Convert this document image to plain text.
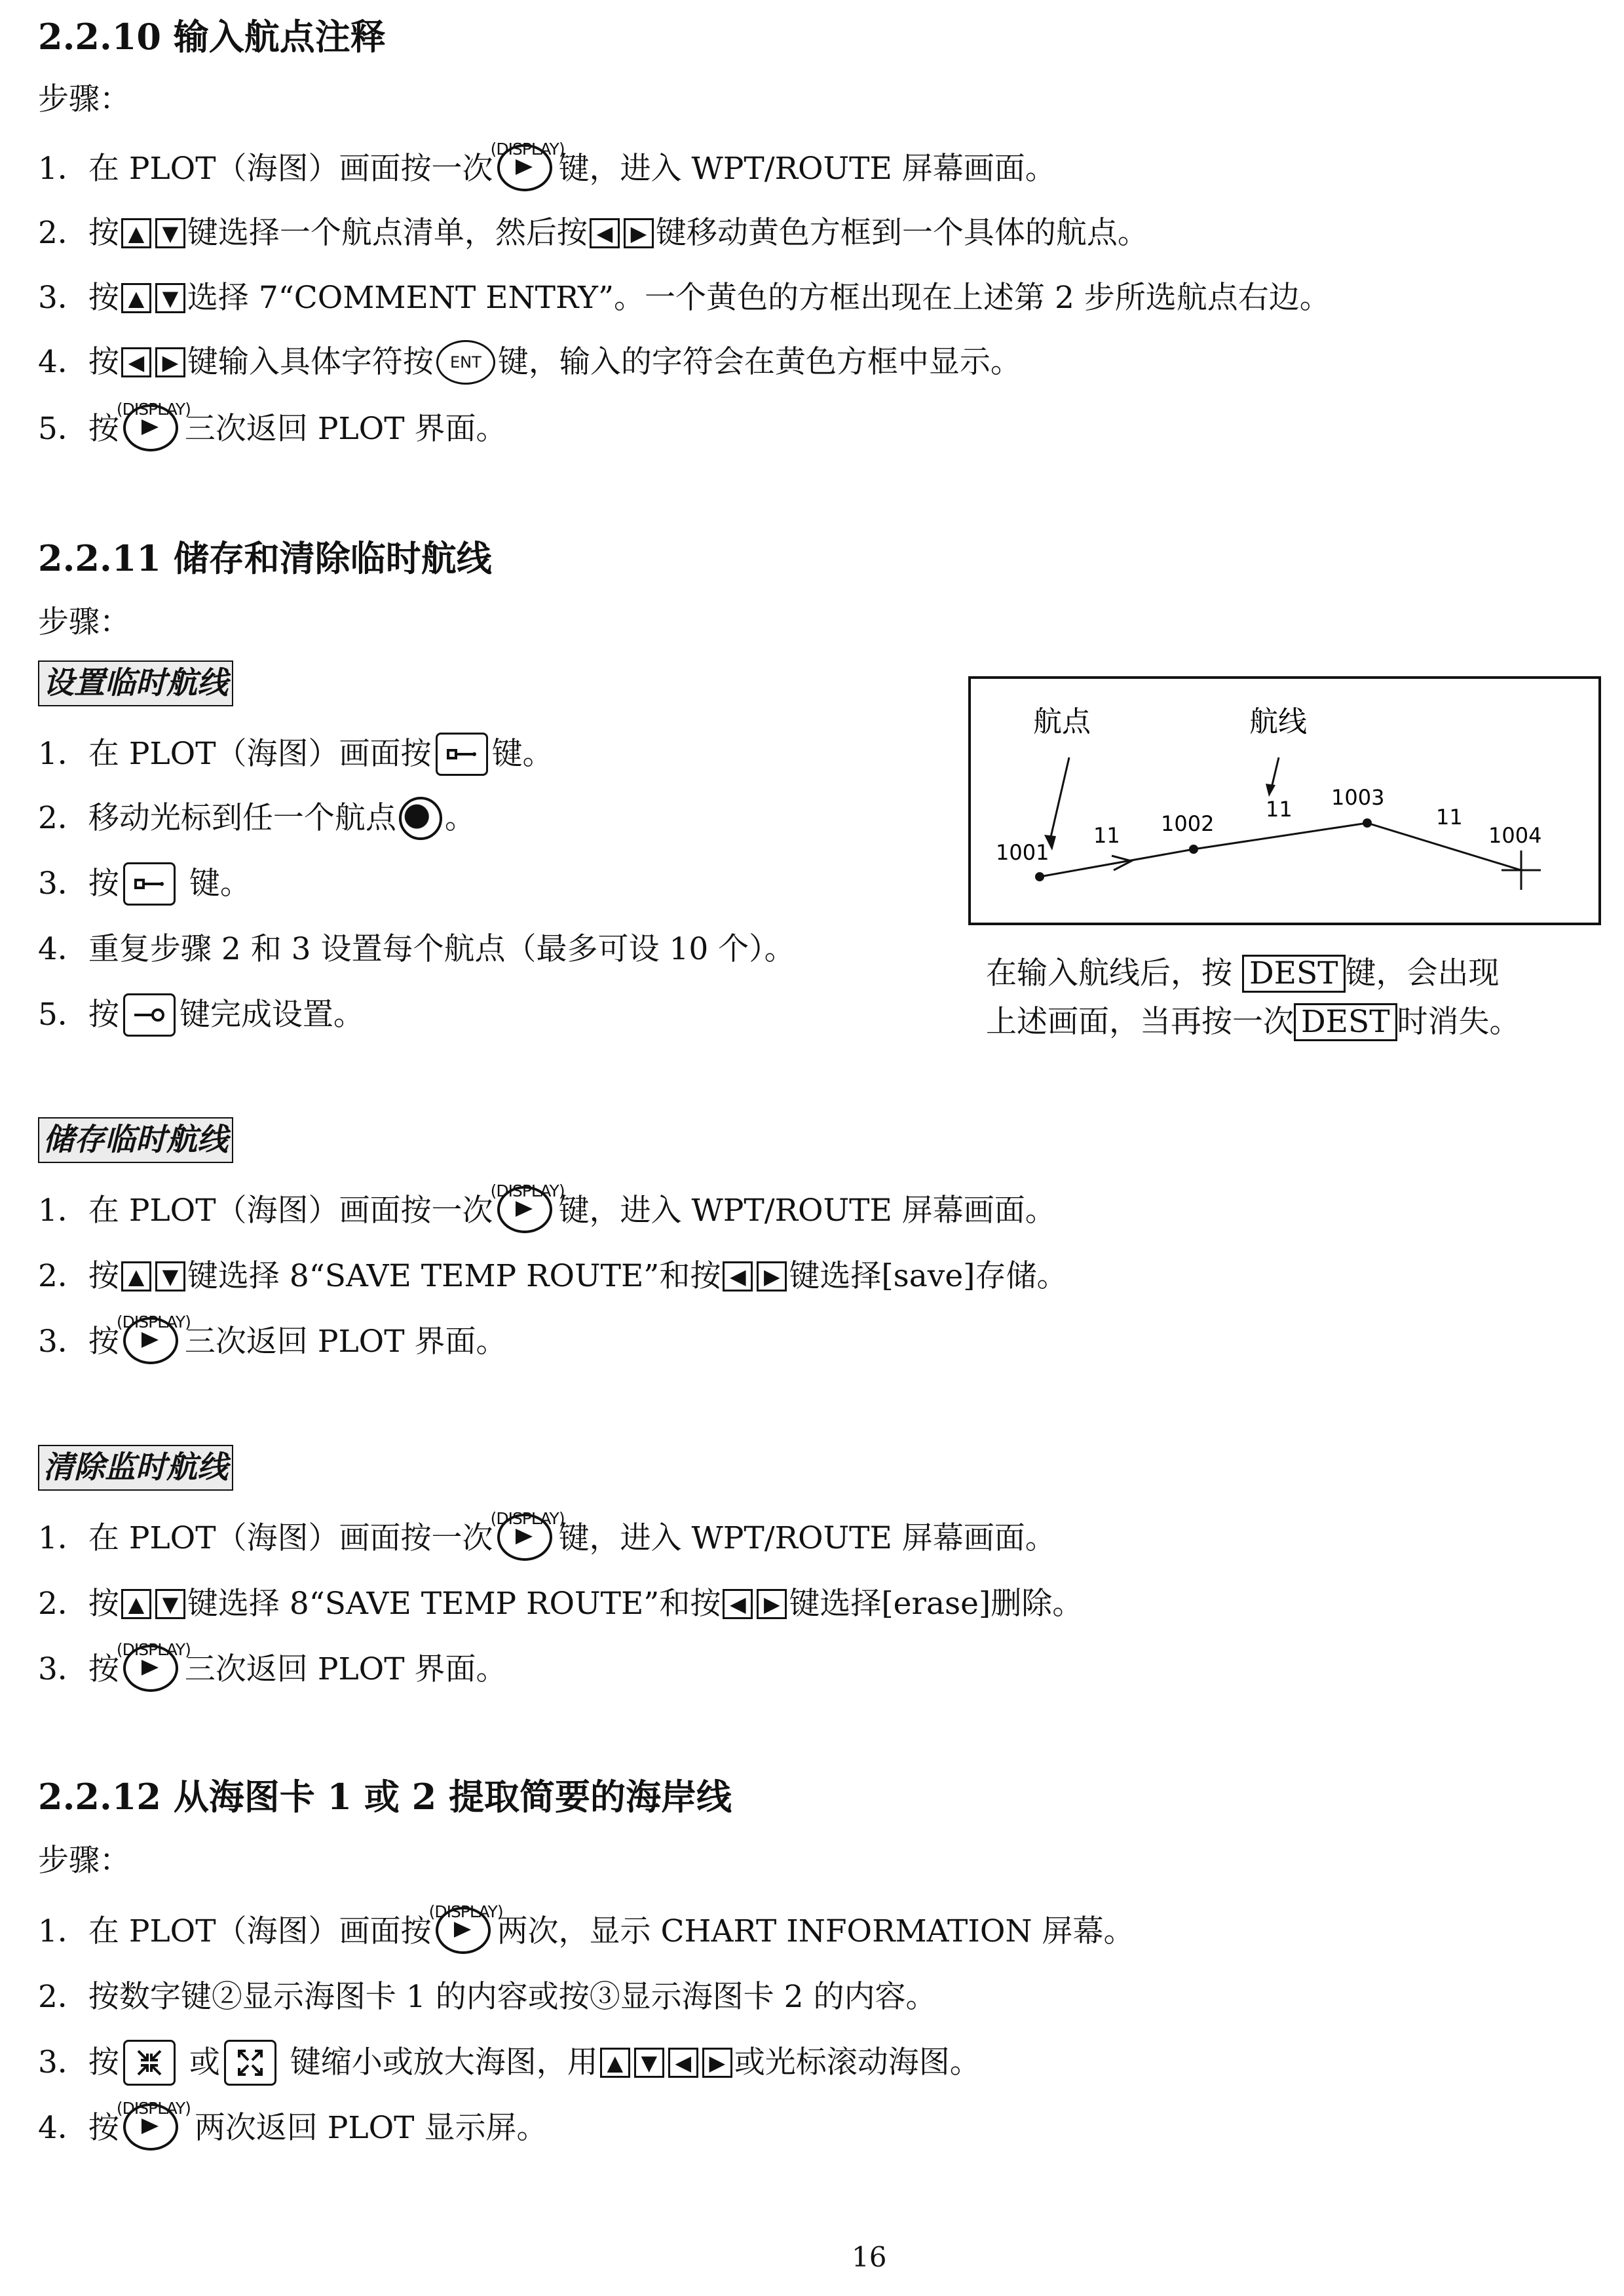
2.2.10 输入航点注释
步骤：
1．在 PLOT（海图）画面按一次
(DISPLAY)
键，进入 WPT/ROUTE 屏幕画面。
2．按 ▲ ▼ 键选择一个航点清单，然后按 ◀ ▶ 键移动黄色方框到一个具体的航点。
3．按 ▲ ▼ 选择 7“COMMENT ENTRY”。一个黄色的方框出现在上述第 2 步所选航点右边。
4．按 ◀ ▶ 键输入具体字符按 ENT 键，输入的字符会在黄色方框中显示。
5．按
(DISPLAY)
三次返回 PLOT 界面。
2.2.11 储存和清除临时航线
步骤：
设置临时航线
1．在 PLOT（海图）画面按 键。
2．移动光标到任一个航点 。
3．按 键。
4．重复步骤 2 和 3 设置每个航点（最多可设 10 个）。
5．按 键完成设置。
航点	航线
1001
1002
1003
1004
11
11	11
在输入航线后，按 DEST 键，会出现
上述画面，当再按一次 DEST 时消失。
储存临时航线
1．在 PLOT（海图）画面按一次
(DISPLAY)
键，进入 WPT/ROUTE 屏幕画面。
2．按 ▲ ▼ 键选择 8“SAVE TEMP ROUTE”和按 ◀ ▶ 键选择[save]存储。
3．按
(DISPLAY)
三次返回 PLOT 界面。
清除监时航线
1．在 PLOT（海图）画面按一次
(DISPLAY)
键，进入 WPT/ROUTE 屏幕画面。
2．按 ▲ ▼ 键选择 8“SAVE TEMP ROUTE”和按 ◀ ▶ 键选择[erase]删除。
3．按
(DISPLAY)
三次返回 PLOT 界面。
2.2.12 从海图卡 1 或 2 提取简要的海岸线
步骤：
1．在 PLOT（海图）画面按
(DISPLAY)
两次，显示 CHART INFORMATION 屏幕。
2．按数字键②显示海图卡 1 的内容或按③显示海图卡 2 的内容。
3．按 或 键缩小或放大海图，用 ▲ ▼ ◀ ▶ 或光标滚动海图。
4．按
(DISPLAY)
两次返回 PLOT 显示屏。
16
